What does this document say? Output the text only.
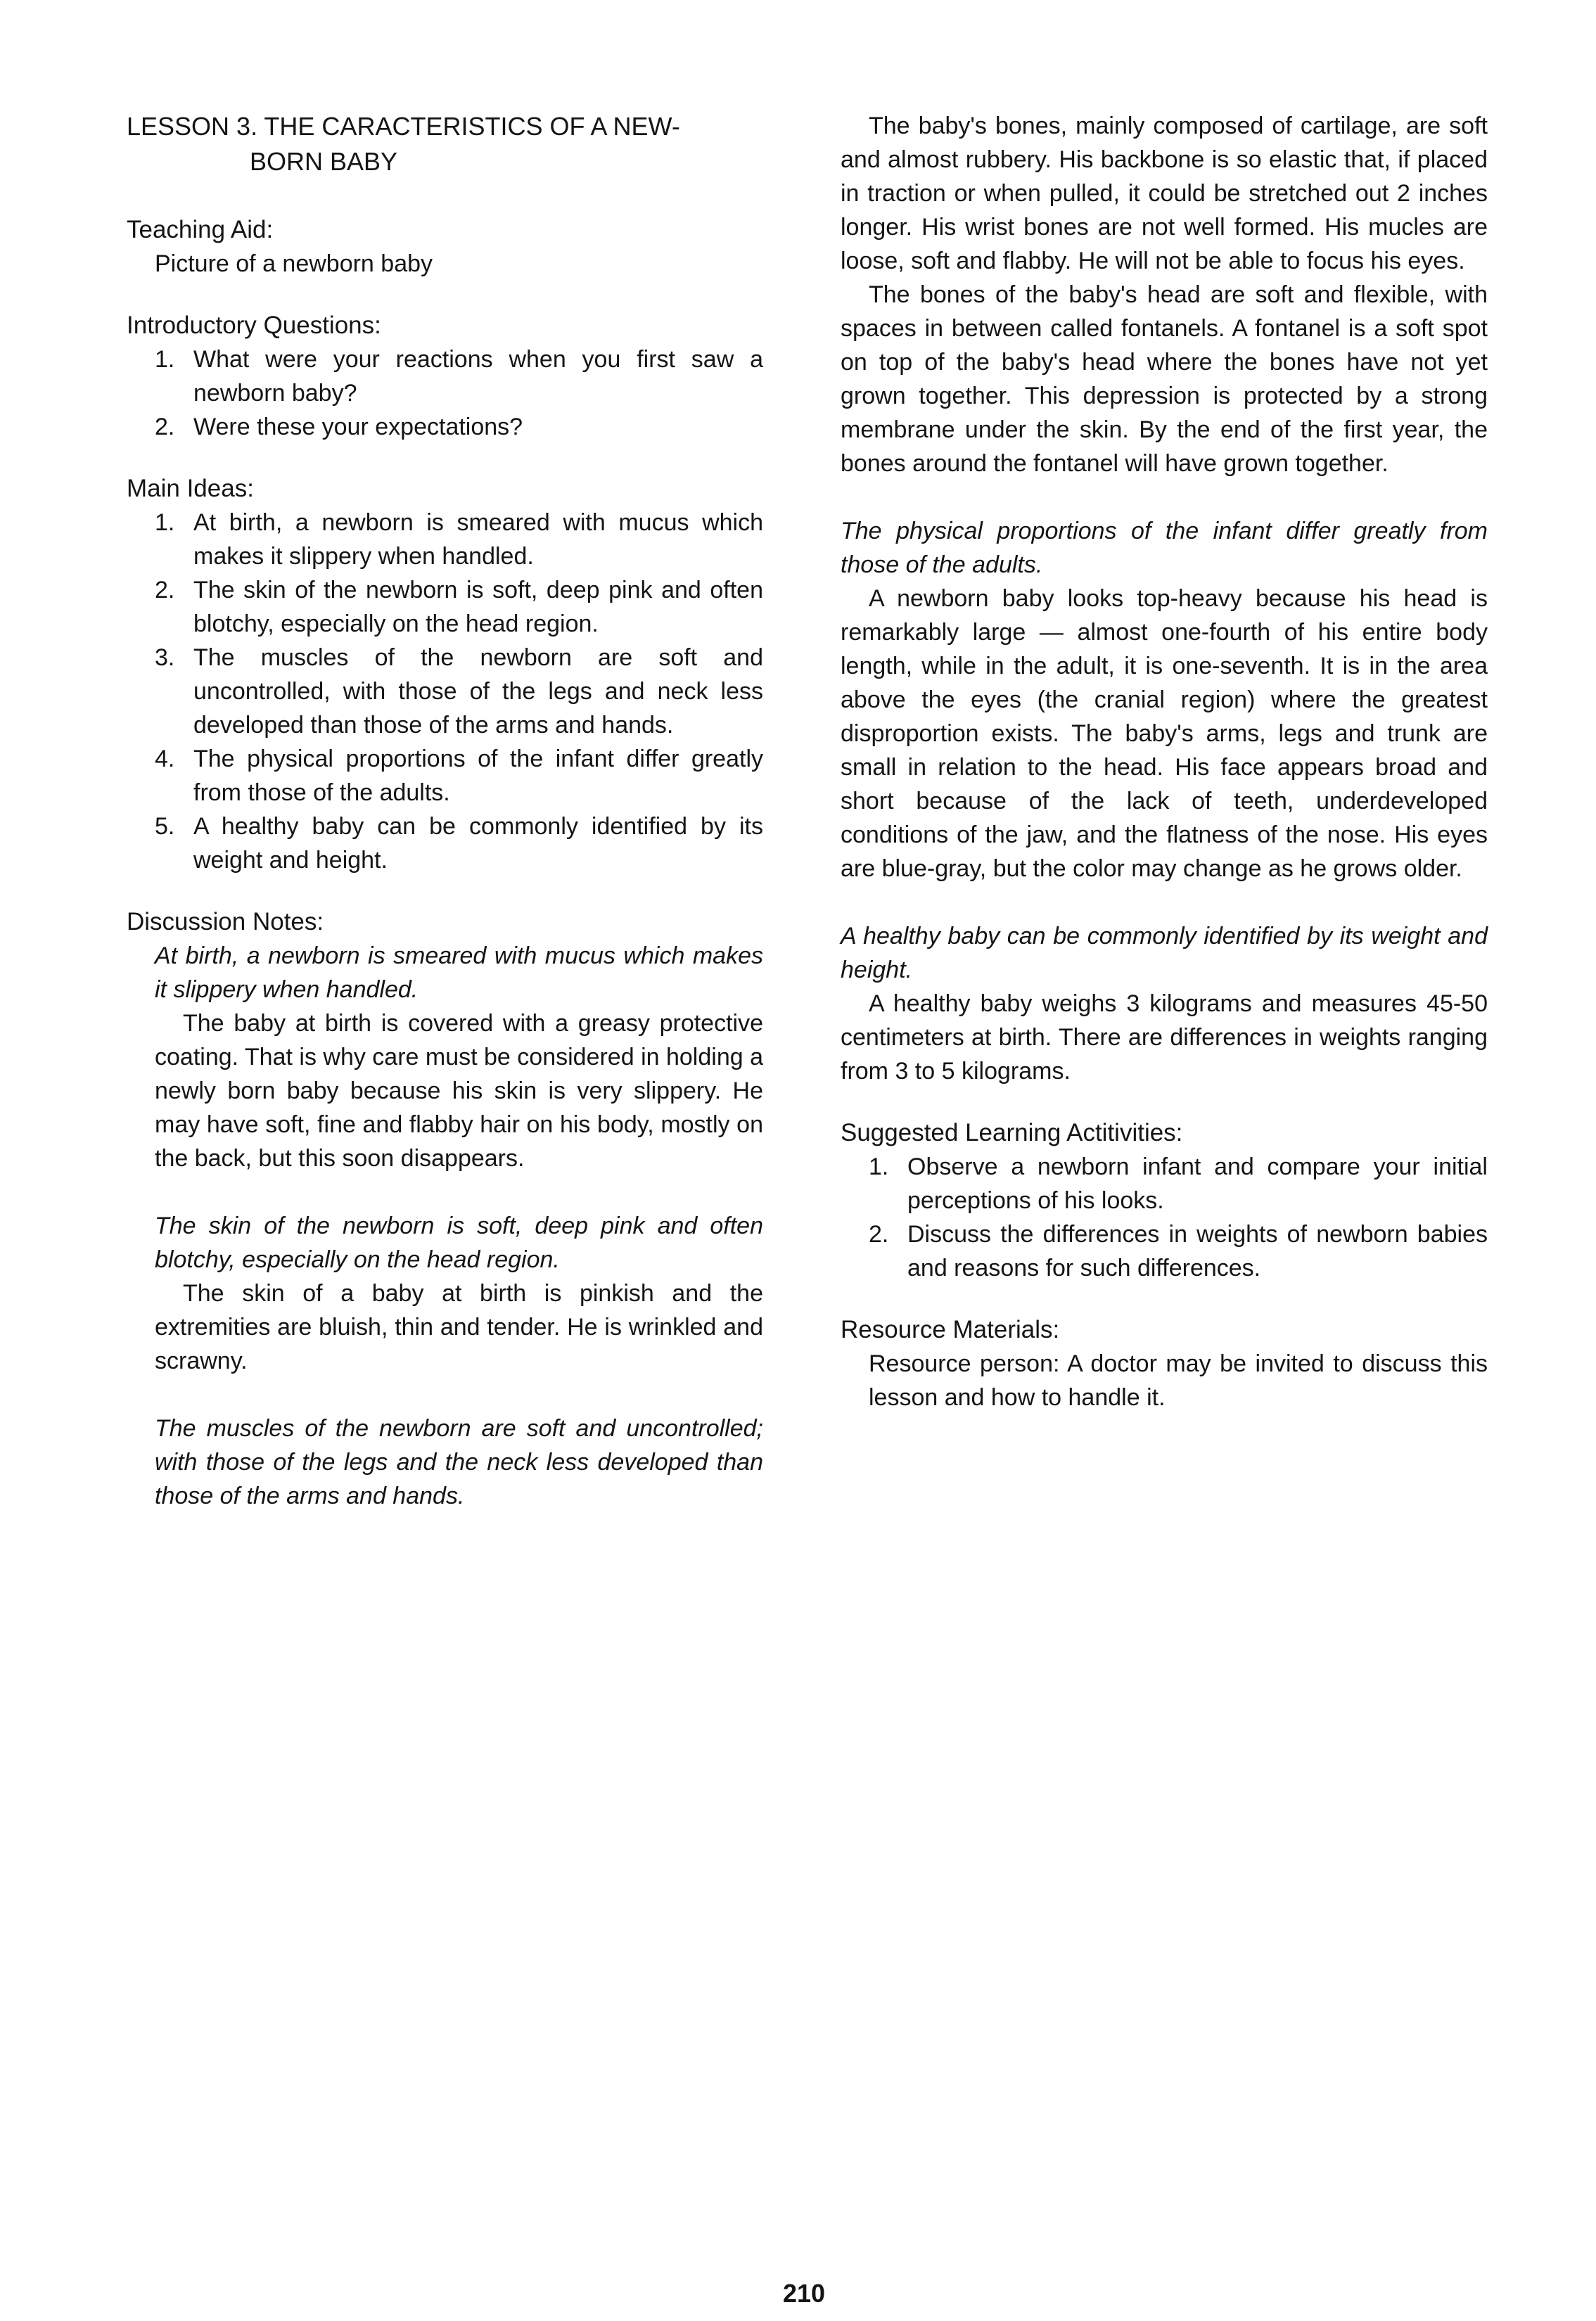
LESSON 3. THE CARACTERISTICS OF A NEW-
BORN BABY

Teaching Aid:

Picture of a newborn baby

Introductory Questions:

1. What were your reactions when you first saw a newborn baby?
2. Were these your expectations?

Main Ideas:

1. At birth, a newborn is smeared with mucus which makes it slippery when handled.
2. The skin of the newborn is soft, deep pink and often blotchy, especially on the head region.
3. The muscles of the newborn are soft and uncontrolled, with those of the legs and neck less developed than those of the arms and hands.
4. The physical proportions of the infant differ greatly from those of the adults.
5. A healthy baby can be commonly identified by its weight and height.

Discussion Notes:

At birth, a newborn is smeared with mucus which makes it slippery when handled.

The baby at birth is covered with a greasy protective coating. That is why care must be considered in holding a newly born baby because his skin is very slippery. He may have soft, fine and flabby hair on his body, mostly on the back, but this soon disappears.

The skin of the newborn is soft, deep pink and often blotchy, especially on the head region.

The skin of a baby at birth is pinkish and the extremities are bluish, thin and tender. He is wrinkled and scrawny.

The muscles of the newborn are soft and uncontrolled; with those of the legs and the neck less developed than those of the arms and hands.

The baby's bones, mainly composed of cartilage, are soft and almost rubbery. His backbone is so elastic that, if placed in traction or when pulled, it could be stretched out 2 inches longer. His wrist bones are not well formed. His mucles are loose, soft and flabby. He will not be able to focus his eyes.

The bones of the baby's head are soft and flexible, with spaces in between called fontanels. A fontanel is a soft spot on top of the baby's head where the bones have not yet grown together. This depression is protected by a strong membrane under the skin. By the end of the first year, the bones around the fontanel will have grown together.

The physical proportions of the infant differ greatly from those of the adults.

A newborn baby looks top-heavy because his head is remarkably large — almost one-fourth of his entire body length, while in the adult, it is one-seventh. It is in the area above the eyes (the cranial region) where the greatest disproportion exists. The baby's arms, legs and trunk are small in relation to the head. His face appears broad and short because of the lack of teeth, underdeveloped conditions of the jaw, and the flatness of the nose. His eyes are blue-gray, but the color may change as he grows older.

A healthy baby can be commonly identified by its weight and height.

A healthy baby weighs 3 kilograms and measures 45-50 centimeters at birth. There are differences in weights ranging from 3 to 5 kilograms.

Suggested Learning Actitivities:

1. Observe a newborn infant and compare your initial perceptions of his looks.
2. Discuss the differences in weights of newborn babies and reasons for such differences.

Resource Materials:

Resource person: A doctor may be invited to discuss this lesson and how to handle it.

210
